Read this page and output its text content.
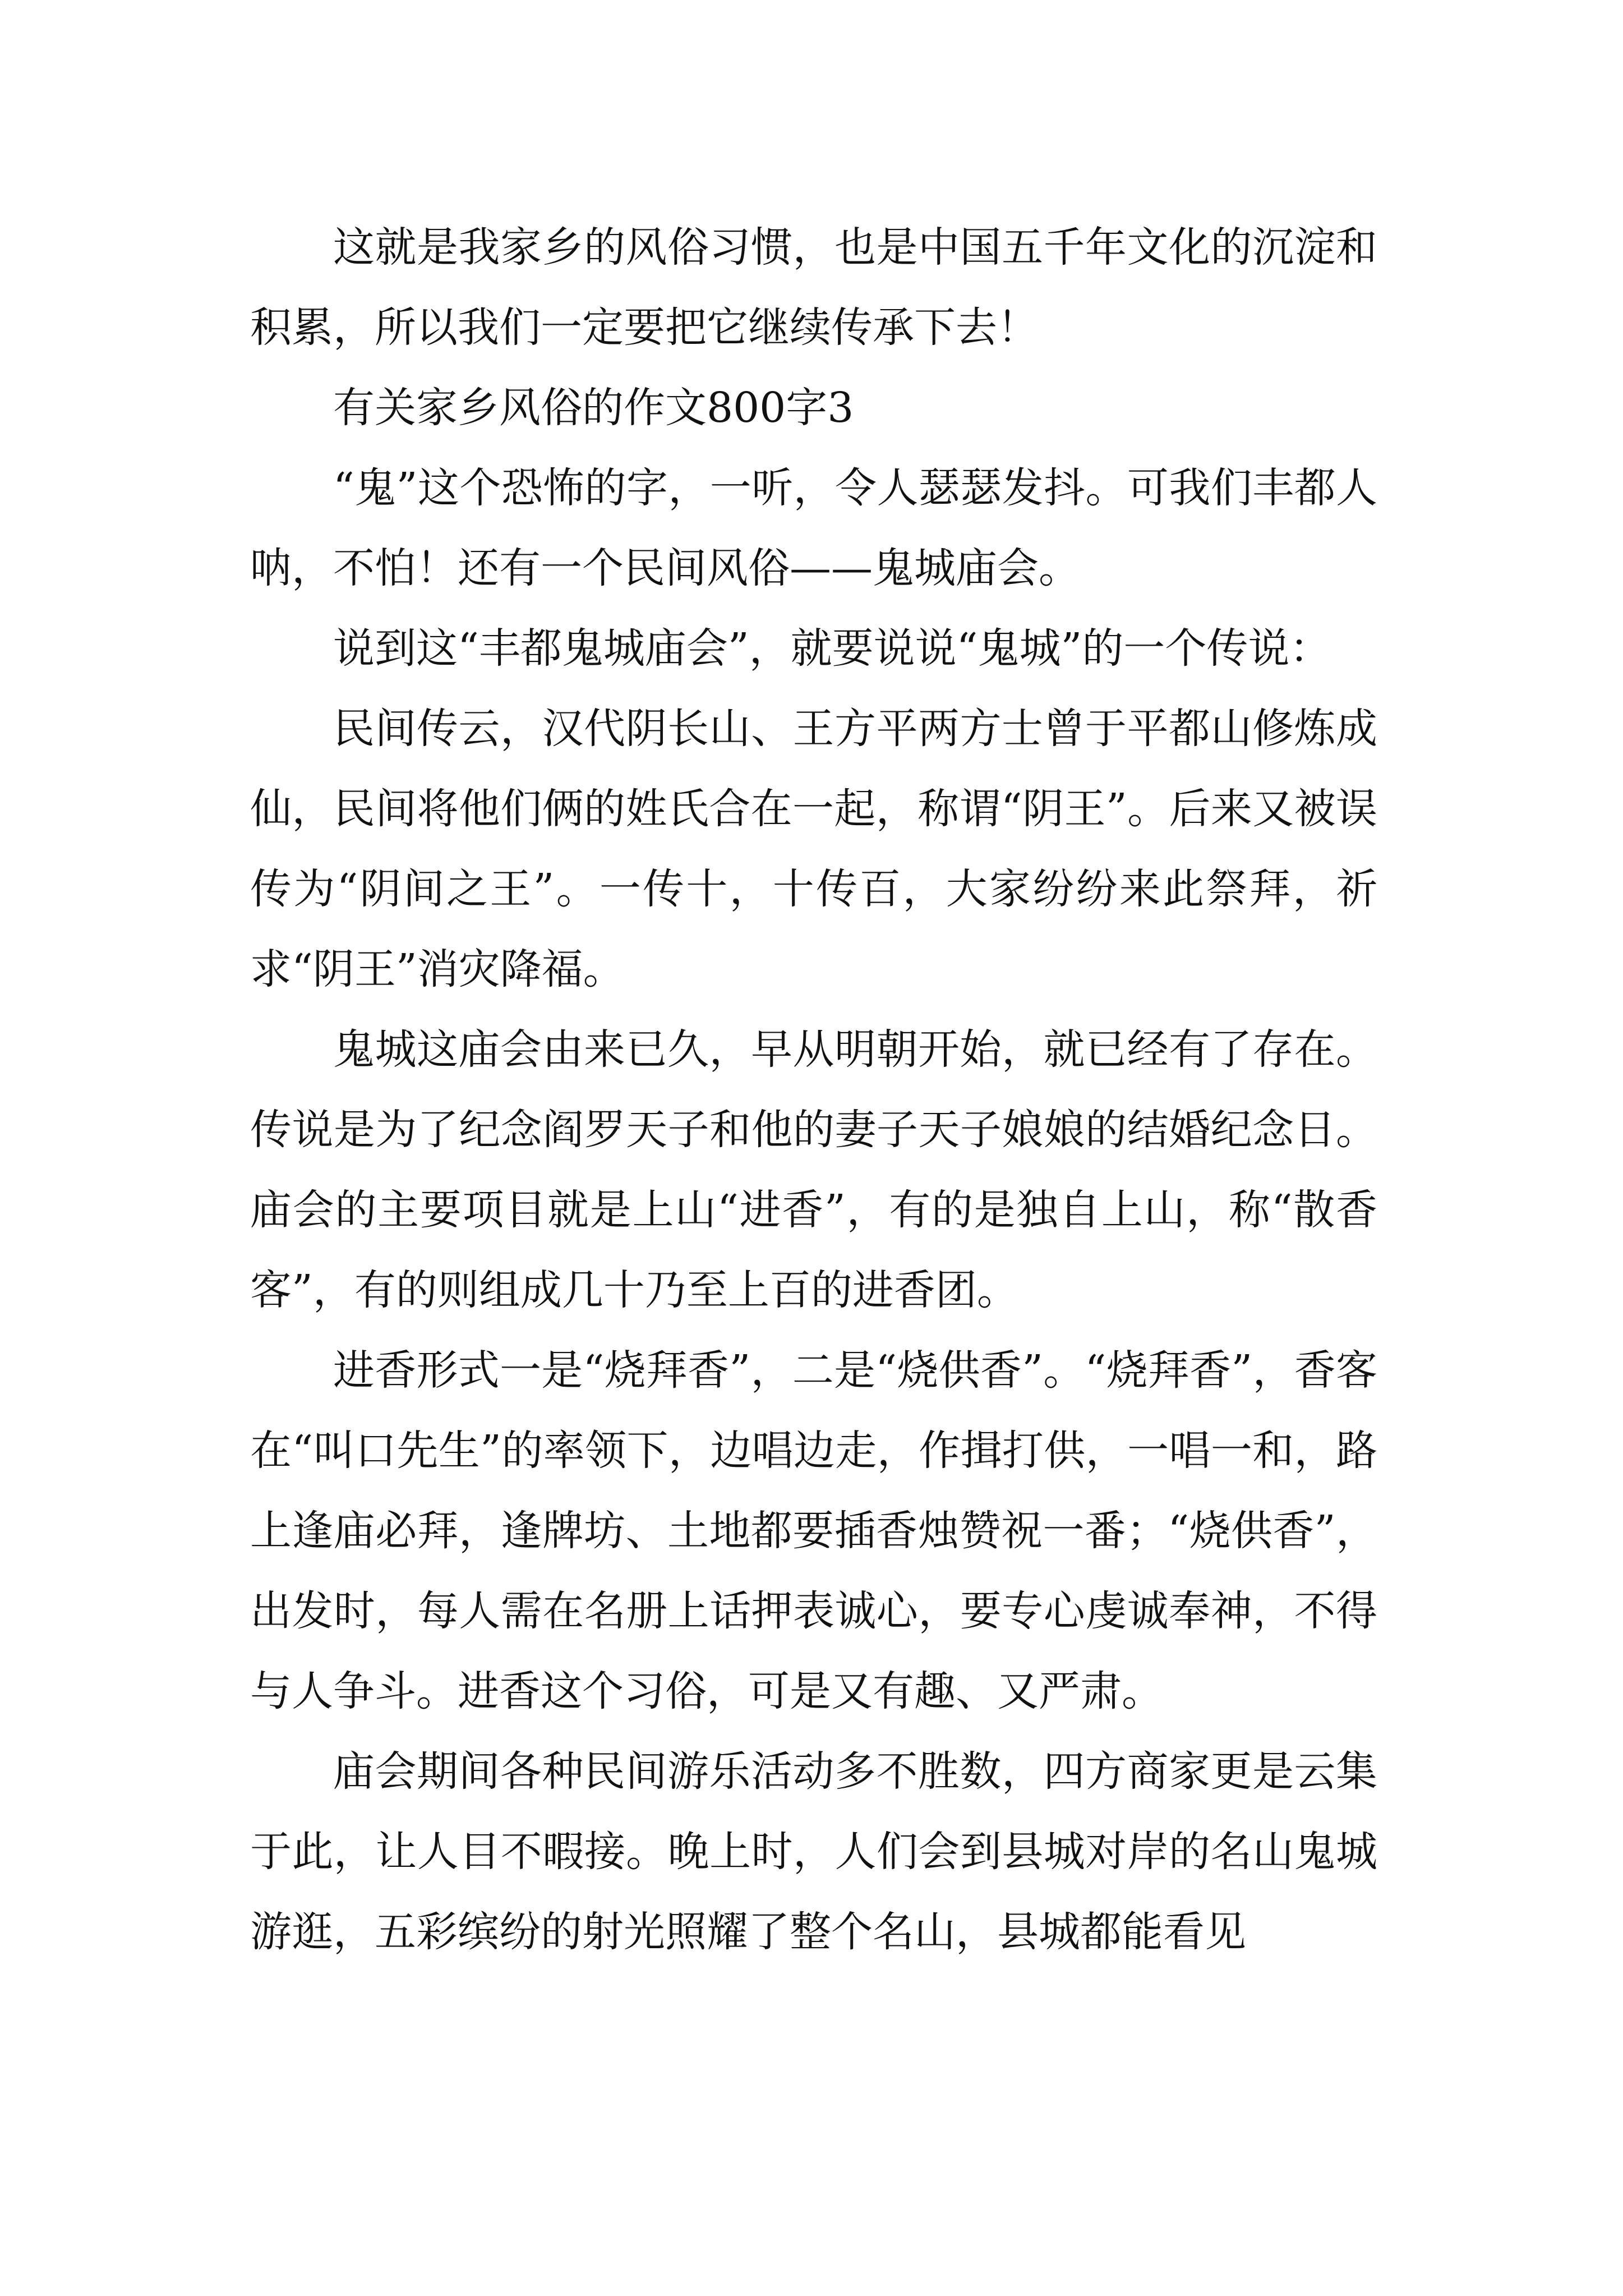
这就是我家乡的风俗习惯，也是中国五千年文化的沉淀和积累，所以我们一定要把它继续传承下去！

有关家乡风俗的作文800字3

“鬼”这个恐怖的字，一听，令人瑟瑟发抖。可我们丰都人呐，不怕！还有一个民间风俗——鬼城庙会。

说到这“丰都鬼城庙会”，就要说说“鬼城”的一个传说：

民间传云，汉代阴长山、王方平两方士曾于平都山修炼成仙，民间将他们俩的姓氏合在一起，称谓“阴王”。后来又被误传为“阴间之王”。一传十，十传百，大家纷纷来此祭拜，祈求“阴王”消灾降福。

鬼城这庙会由来已久，早从明朝开始，就已经有了存在。传说是为了纪念阎罗天子和他的妻子天子娘娘的结婚纪念日。庙会的主要项目就是上山“进香”，有的是独自上山，称“散香客”，有的则组成几十乃至上百的进香团。

进香形式一是“烧拜香”，二是“烧供香”。“烧拜香”，香客在“叫口先生”的率领下，边唱边走，作揖打供，一唱一和，路上逢庙必拜，逢牌坊、土地都要插香烛赞祝一番；“烧供香”，出发时，每人需在名册上话押表诚心，要专心虔诚奉神，不得与人争斗。进香这个习俗，可是又有趣、又严肃。

庙会期间各种民间游乐活动多不胜数，四方商家更是云集于此，让人目不暇接。晚上时，人们会到县城对岸的名山鬼城游逛，五彩缤纷的射光照耀了整个名山，县城都能看见
